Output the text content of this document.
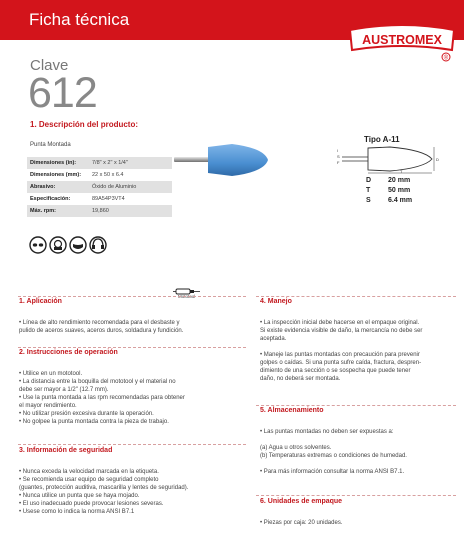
Ficha técnica
AUSTROMEX
®
Clave
612
1. Descripción del producto:
Punta Montada
Dimensiones (in):	7/8" x 2" x 1/4"
Dimensiones (mm):	22 x 50 x 6.4
Abrasivo:	Óxido de Aluminio
Especificación:	89A54P3VT4
Máx. rpm:	19,860
Tipo A-11
l
S
F
T
D
D 20 mm
T	50 mm
S 6.4 mm
Mototool
1. Aplicación
• Línea de alto rendimiento recomendada para el desbaste y
pulido de aceros suaves, aceros duros, soldadura y fundición.
2. Instrucciones de operación
• Utilice en un mototool.
• La distancia entre la boquilla del mototool y el material no
debe ser mayor a 1/2" (12.7 mm).
• Use la punta montada a las rpm recomendadas para obtener
el mayor rendimiento.
• No utilizar presión excesiva durante la operación.
• No golpee la punta montada contra la pieza de trabajo.
3. Información de seguridad
• Nunca exceda la velocidad marcada en la etiqueta.
• Se recomienda usar equipo de seguridad completo
(guantes, protección auditiva, mascarilla y lentes de seguridad).
• Nunca utilice un punta que se haya mojado.
• El uso inadecuado puede provocar lesiones severas.
• Usese como lo indica la norma ANSI B7.1
4. Manejo
• La inspección inicial debe hacerse en el empaque original.
Si existe evidencia visible de daño, la mercancía no debe ser
aceptada.
• Maneje las puntas montadas con precaución para prevenir
golpes o caídas. Si una punta sufre caída, fractura, despren-
dimiento de una sección o se sospecha que puede tener
daño, no deberá ser montada.
5. Almacenamiento
• Las puntas montadas no deben ser expuestas a:
(a) Agua u otros solventes.
(b) Temperaturas extremas o condiciones de humedad.
• Para más información consultar la norma ANSI B7.1.
6. Unidades de empaque
• Piezas por caja: 20 unidades.
